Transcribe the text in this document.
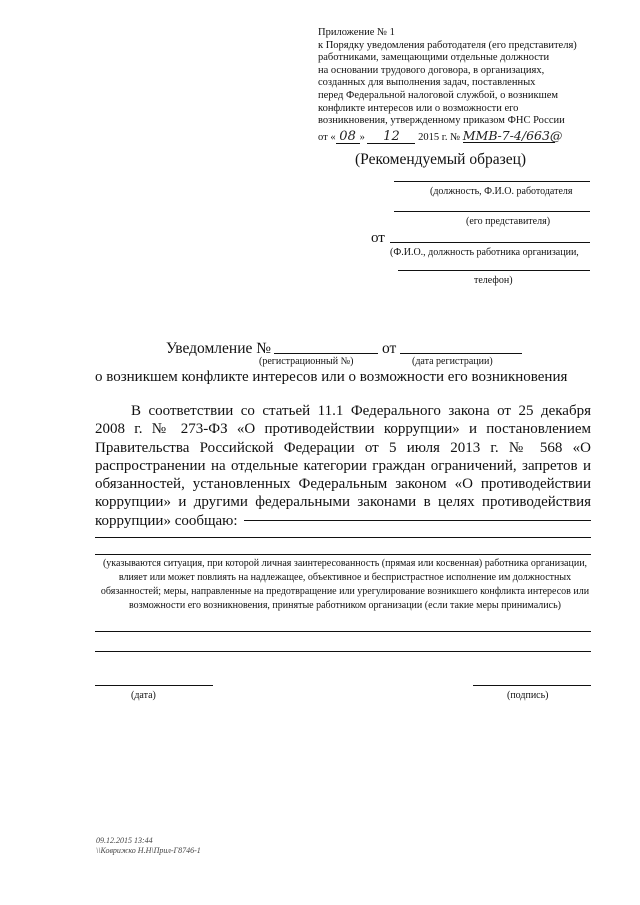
Приложение № 1
к Порядку уведомления работодателя (его представителя)
работниками, замещающими отдельные должности
на основании трудового договора, в организациях,
созданных для выполнения задач, поставленных
перед Федеральной налоговой службой, о возникшем
конфликте интересов или о возможности его
возникновения, утвержденному приказом ФНС России
от « 08 » 12 2015 г. № ММВ-7-4/663@
(Рекомендуемый образец)
(должность, Ф.И.О. работодателя
(его представителя)
от
(Ф.И.О., должность работника организации,
телефон)
Уведомление №	от
(регистрационный №)	(дата регистрации)
о возникшем конфликте интересов или о возможности его возникновения
В соответствии со статьей 11.1 Федерального закона от 25 декабря 2008 г. № 273-ФЗ «О противодействии коррупции» и постановлением Правительства Российской Федерации от 5 июля 2013 г. № 568 «О распространении на отдельные категории граждан ограничений, запретов и обязанностей, установленных Федеральным законом «О противодействии коррупции» и другими федеральными законами в целях противодействия коррупции» сообщаю:
(указываются ситуация, при которой личная заинтересованность (прямая или косвенная) работника организации, влияет или может повлиять на надлежащее, объективное и беспристрастное исполнение им должностных обязанностей; меры, направленные на предотвращение или урегулирование возникшего конфликта интересов или возможности его возникновения, принятые работником организации (если такие меры принимались)
(дата)	(подпись)
09.12.2015 13:44
\\Коврижко Н.Н\Прил-Г8746-1
